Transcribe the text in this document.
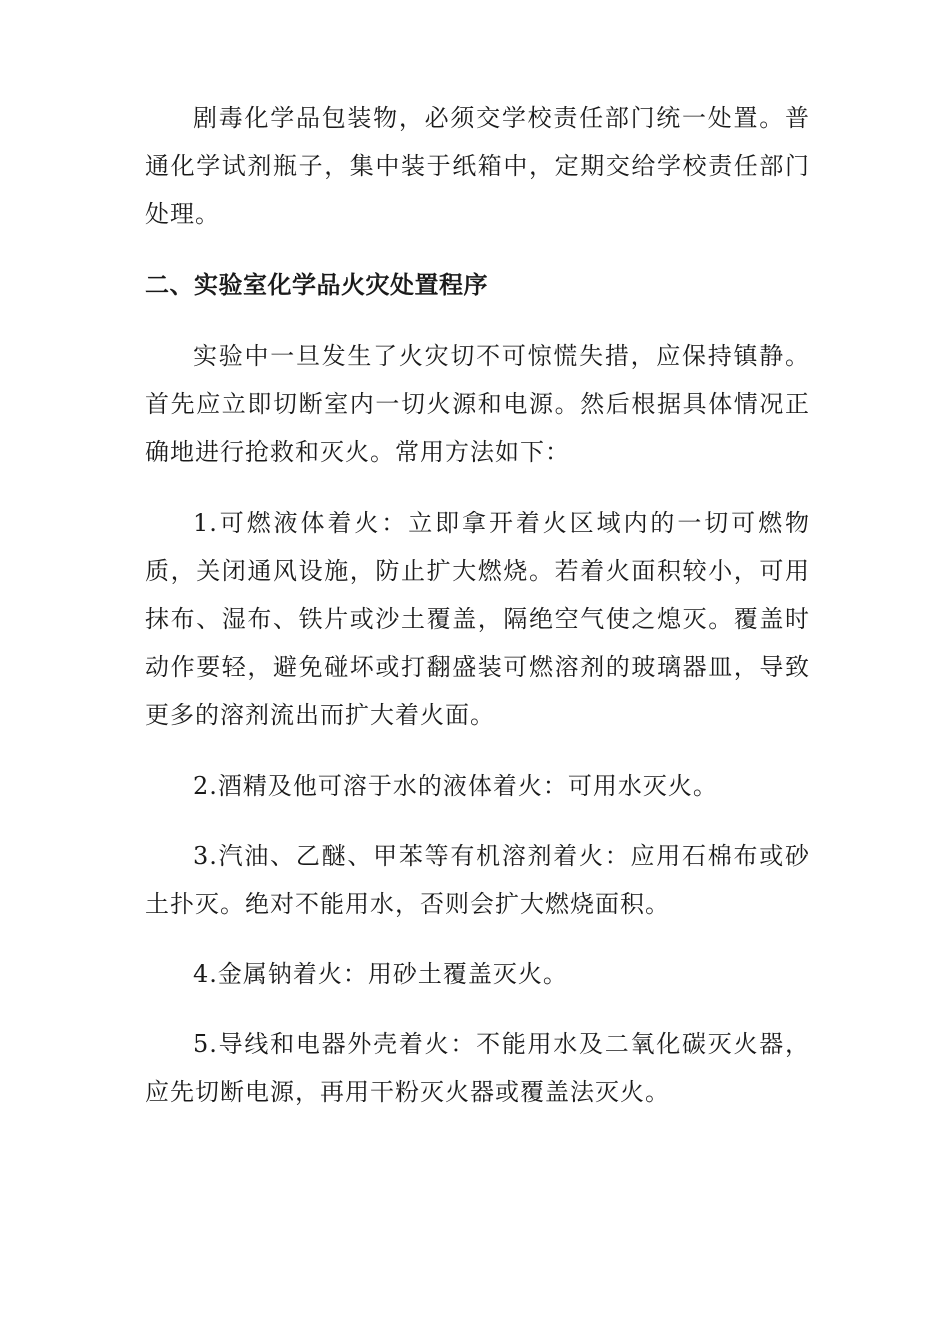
剧毒化学品包装物，必须交学校责任部门统一处置。普通化学试剂瓶子，集中装于纸箱中，定期交给学校责任部门处理。

二、实验室化学品火灾处置程序

实验中一旦发生了火灾切不可惊慌失措，应保持镇静。首先应立即切断室内一切火源和电源。然后根据具体情况正确地进行抢救和灭火。常用方法如下：

1.可燃液体着火：立即拿开着火区域内的一切可燃物质，关闭通风设施，防止扩大燃烧。若着火面积较小，可用抹布、湿布、铁片或沙土覆盖，隔绝空气使之熄灭。覆盖时动作要轻，避免碰坏或打翻盛装可燃溶剂的玻璃器皿，导致更多的溶剂流出而扩大着火面。

2.酒精及他可溶于水的液体着火：可用水灭火。

3.汽油、乙醚、甲苯等有机溶剂着火：应用石棉布或砂土扑灭。绝对不能用水，否则会扩大燃烧面积。

4.金属钠着火：用砂土覆盖灭火。

5.导线和电器外壳着火：不能用水及二氧化碳灭火器，应先切断电源，再用干粉灭火器或覆盖法灭火。
